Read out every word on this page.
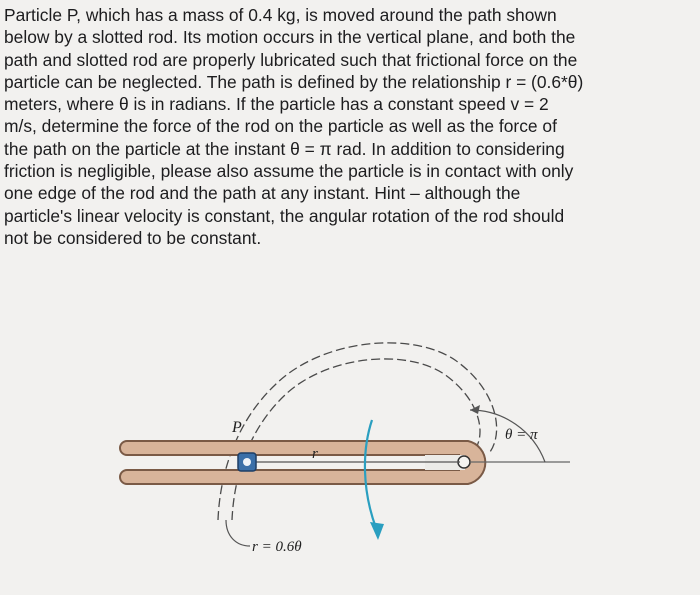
Particle P, which has a mass of 0.4 kg, is moved around the path shown

below by a slotted rod. Its motion occurs in the vertical plane, and both the

path and slotted rod are properly lubricated such that frictional force on the

particle can be neglected. The path is defined by the relationship r = (0.6*θ)

meters, where θ is in radians. If the particle has a constant speed v = 2

m/s, determine the force of the rod on the particle as well as the force of

the path on the particle at the instant θ = π rad. In addition to considering

friction is negligible, please also assume the particle is in contact with only

one edge of the rod and the path at any instant. Hint – although the

particle's linear velocity is constant, the angular rotation of the rod should

not be considered to be constant.

P
r
θ = π
r = 0.6θ
